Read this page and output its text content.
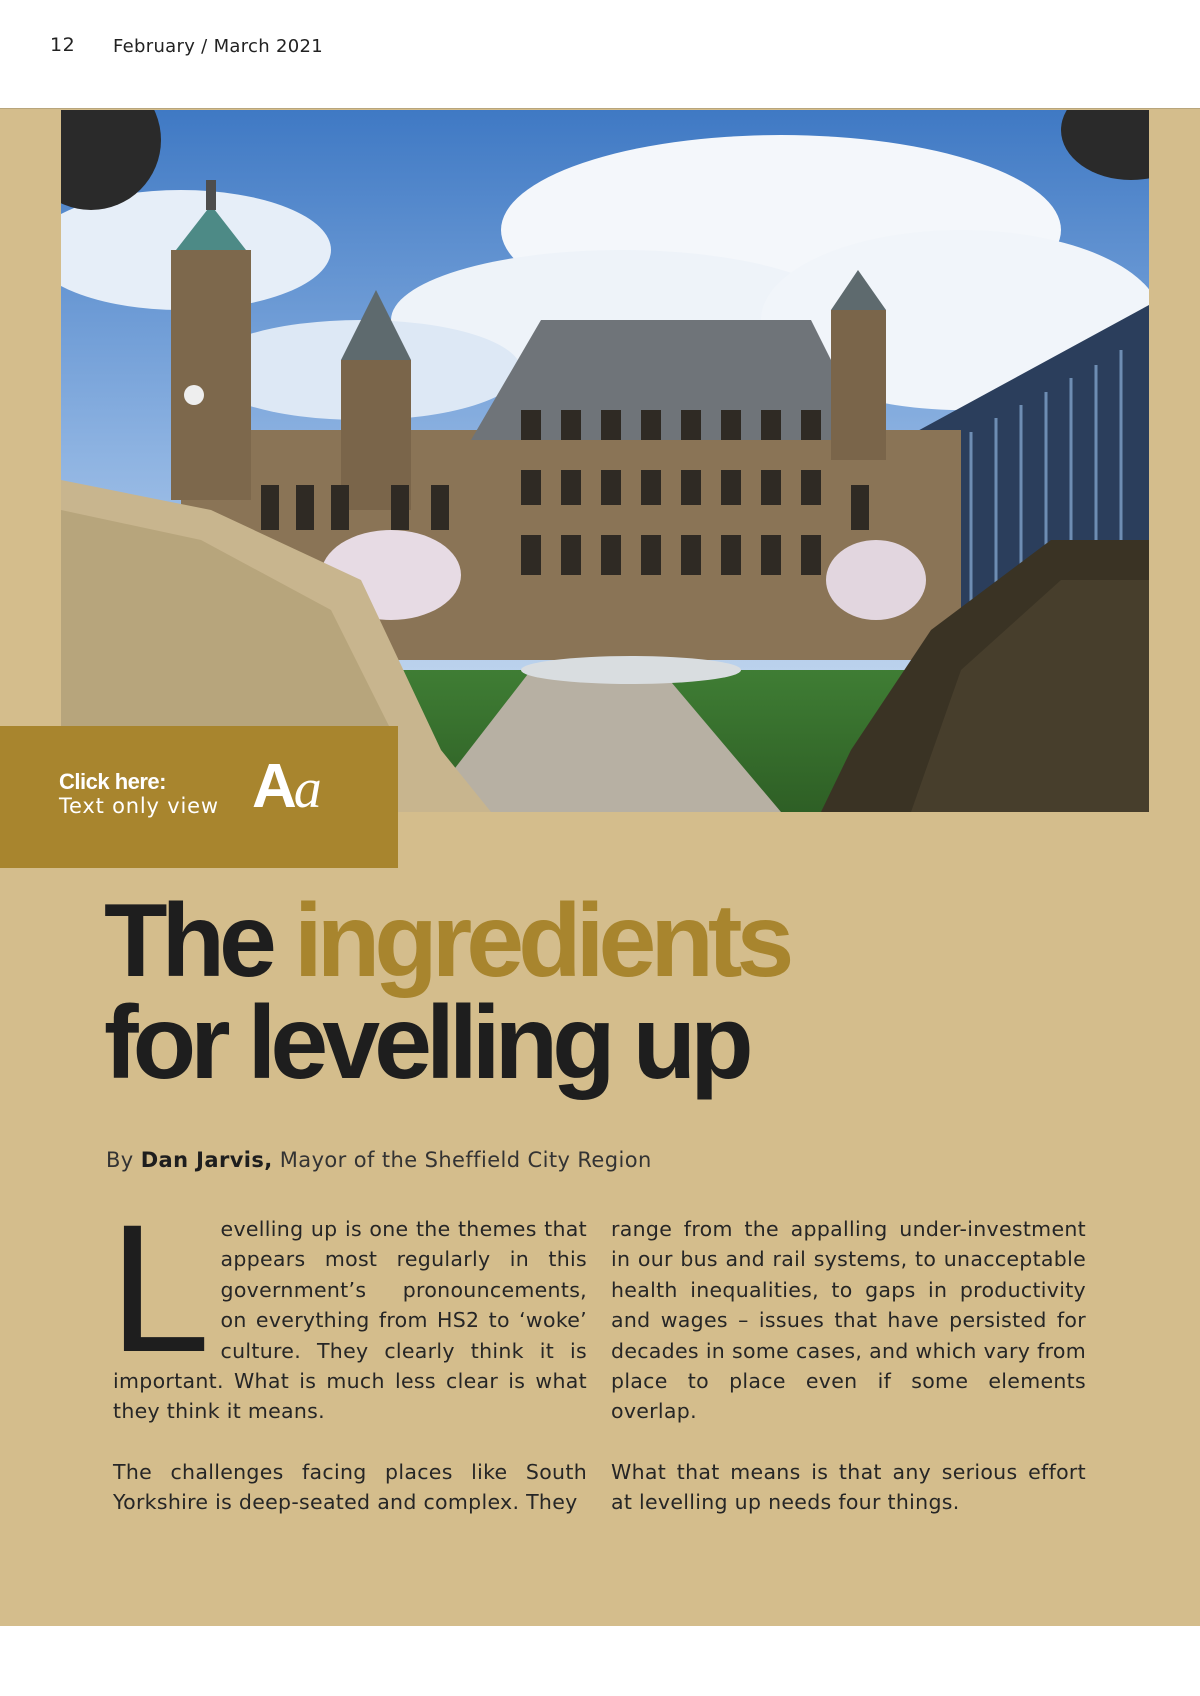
12 February / March 2021
Click here:
Text only view Aa
The ingredients
for levelling up
By Dan Jarvis, Mayor of the Sheffield City Region

Levelling up is one the themes that appears most regularly in this government’s pronouncements, on everything from HS2 to ‘woke’ culture. They clearly think it is important. What is much less clear is what they think it means.

The challenges facing places like South Yorkshire is deep-seated and complex. They

range from the appalling under-investment in our bus and rail systems, to unacceptable health inequalities, to gaps in productivity and wages – issues that have persisted for decades in some cases, and which vary from place to place even if some elements overlap.

What that means is that any serious effort at levelling up needs four things.
